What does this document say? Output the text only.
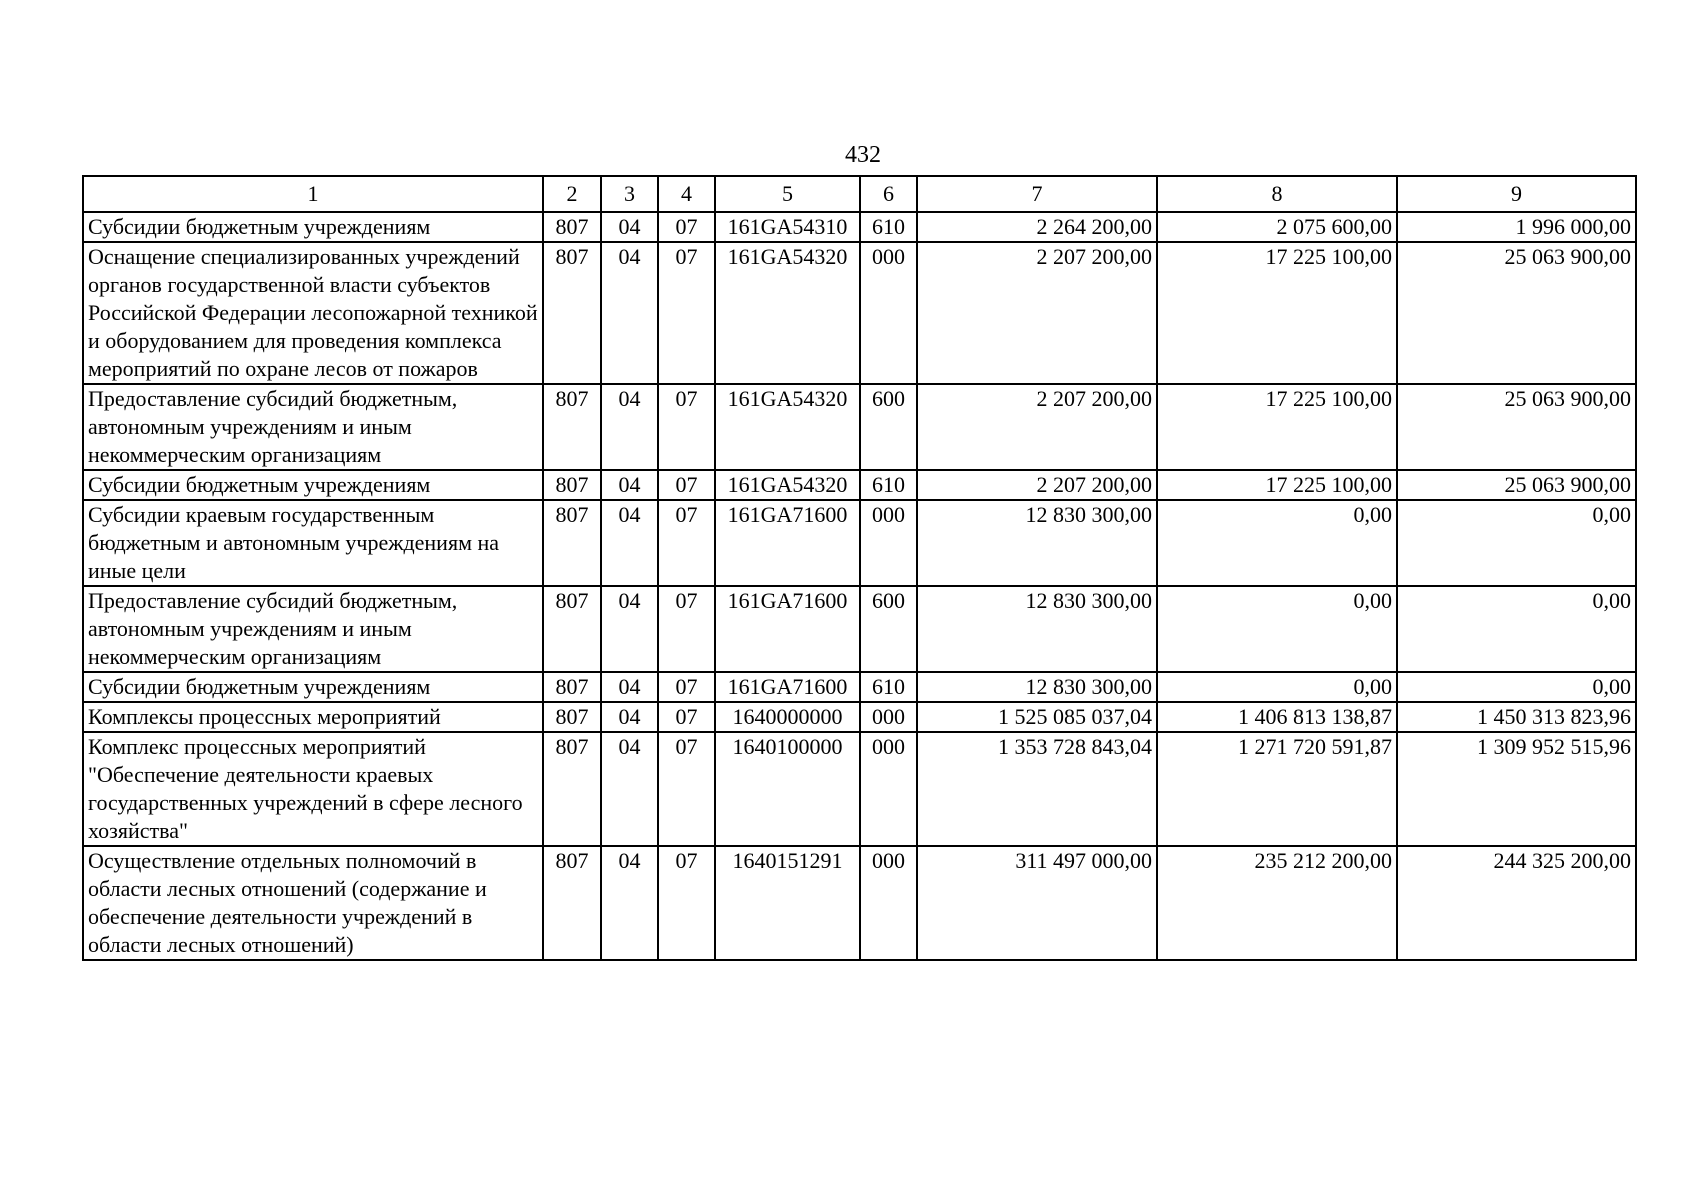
432
1	2	3	4	5	6	7	8	9
Субсидии бюджетным учреждениям	807	04	07	161GA54310	610	2 264 200,00	2 075 600,00	1 996 000,00
Оснащение специализированных учреждений органов государственной власти субъектов Российской Федерации лесопожарной техникой и оборудованием для проведения комплекса мероприятий по охране лесов от пожаров	807	04	07	161GA54320	000	2 207 200,00	17 225 100,00	25 063 900,00
Предоставление субсидий бюджетным, автономным учреждениям и иным некоммерческим организациям	807	04	07	161GA54320	600	2 207 200,00	17 225 100,00	25 063 900,00
Субсидии бюджетным учреждениям	807	04	07	161GA54320	610	2 207 200,00	17 225 100,00	25 063 900,00
Субсидии краевым государственным бюджетным и автономным учреждениям на иные цели	807	04	07	161GA71600	000	12 830 300,00	0,00	0,00
Предоставление субсидий бюджетным, автономным учреждениям и иным некоммерческим организациям	807	04	07	161GA71600	600	12 830 300,00	0,00	0,00
Субсидии бюджетным учреждениям	807	04	07	161GA71600	610	12 830 300,00	0,00	0,00
Комплексы процессных мероприятий	807	04	07	1640000000	000	1 525 085 037,04	1 406 813 138,87	1 450 313 823,96
Комплекс процессных мероприятий "Обеспечение деятельности краевых государственных учреждений в сфере лесного хозяйства"	807	04	07	1640100000	000	1 353 728 843,04	1 271 720 591,87	1 309 952 515,96
Осуществление отдельных полномочий в области лесных отношений (содержание и обеспечение деятельности учреждений в области лесных отношений)	807	04	07	1640151291	000	311 497 000,00	235 212 200,00	244 325 200,00
